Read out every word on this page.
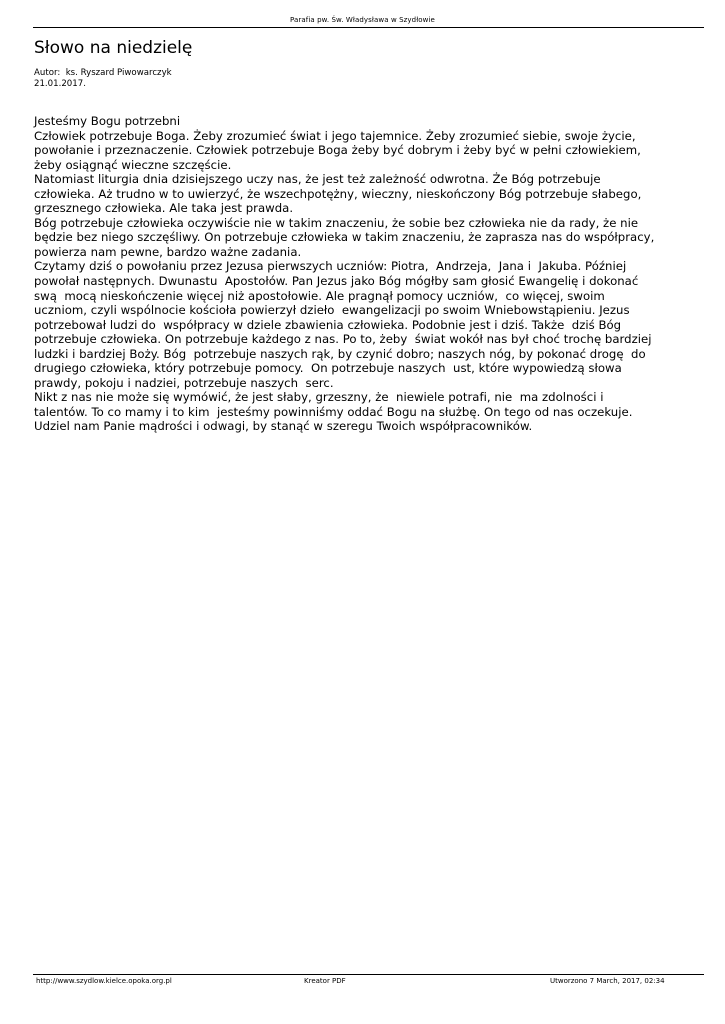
Parafia pw. Św. Władysława w Szydłowie
Słowo na niedzielę
Autor:  ks. Ryszard Piwowarczyk
21.01.2017.
Jesteśmy Bogu potrzebni
Człowiek potrzebuje Boga. Żeby zrozumieć świat i jego tajemnice. Żeby zrozumieć siebie, swoje życie,
powołanie i przeznaczenie. Człowiek potrzebuje Boga żeby być dobrym i żeby być w pełni człowiekiem,
żeby osiągnąć wieczne szczęście.
Natomiast liturgia dnia dzisiejszego uczy nas, że jest też zależność odwrotna. Że Bóg potrzebuje
człowieka. Aż trudno w to uwierzyć, że wszechpotężny, wieczny, nieskończony Bóg potrzebuje słabego,
grzesznego człowieka. Ale taka jest prawda.
Bóg potrzebuje człowieka oczywiście nie w takim znaczeniu, że sobie bez człowieka nie da rady, że nie
będzie bez niego szczęśliwy. On potrzebuje człowieka w takim znaczeniu, że zaprasza nas do współpracy,
powierza nam pewne, bardzo ważne zadania.
Czytamy dziś o powołaniu przez Jezusa pierwszych uczniów: Piotra,  Andrzeja,  Jana i  Jakuba. Później
powołał następnych. Dwunastu  Apostołów. Pan Jezus jako Bóg mógłby sam głosić Ewangelię i dokonać
swą  mocą nieskończenie więcej niż apostołowie. Ale pragnął pomocy uczniów,  co więcej, swoim
uczniom, czyli wspólnocie kościoła powierzył dzieło  ewangelizacji po swoim Wniebowstąpieniu. Jezus
potrzebował ludzi do  współpracy w dziele zbawienia człowieka. Podobnie jest i dziś. Także  dziś Bóg
potrzebuje człowieka. On potrzebuje każdego z nas. Po to, żeby  świat wokół nas był choć trochę bardziej
ludzki i bardziej Boży. Bóg  potrzebuje naszych rąk, by czynić dobro; naszych nóg, by pokonać drogę  do
drugiego człowieka, który potrzebuje pomocy.  On potrzebuje naszych  ust, które wypowiedzą słowa
prawdy, pokoju i nadziei, potrzebuje naszych  serc.
Nikt z nas nie może się wymówić, że jest słaby, grzeszny, że  niewiele potrafi, nie  ma zdolności i
talentów. To co mamy i to kim  jesteśmy powinniśmy oddać Bogu na służbę. On tego od nas oczekuje.
Udziel nam Panie mądrości i odwagi, by stanąć w szeregu Twoich współpracowników.
http://www.szydlow.kielce.opoka.org.pl	Kreator PDF	Utworzono 7 March, 2017, 02:34
